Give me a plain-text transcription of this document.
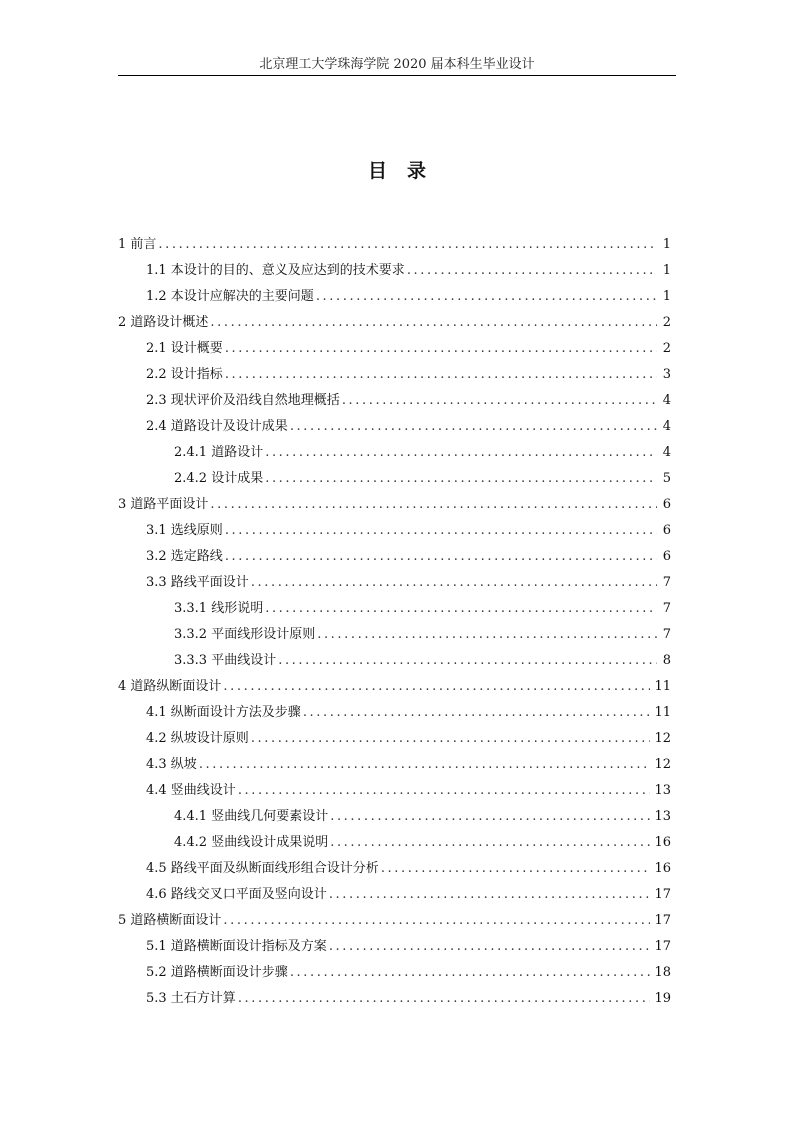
北京理工大学珠海学院 2020 届本科生毕业设计
目录
1 前言 .....	1
1.1 本设计的目的、意义及应达到的技术要求 .....	1
1.2 本设计应解决的主要问题 .....	1
2 道路设计概述 .....	2
2.1 设计概要 .....	2
2.2 设计指标 .....	3
2.3 现状评价及沿线自然地理概括 .....	4
2.4 道路设计及设计成果 .....	4
2.4.1 道路设计 .....	4
2.4.2 设计成果 .....	5
3 道路平面设计 .....	6
3.1 选线原则 .....	6
3.2 选定路线 .....	6
3.3 路线平面设计 .....	7
3.3.1 线形说明 .....	7
3.3.2 平面线形设计原则 .....	7
3.3.3 平曲线设计 .....	8
4 道路纵断面设计 .....	11
4.1 纵断面设计方法及步骤 .....	11
4.2 纵坡设计原则 .....	12
4.3 纵坡 .....	12
4.4 竖曲线设计 .....	13
4.4.1 竖曲线几何要素设计 .....	13
4.4.2 竖曲线设计成果说明 .....	16
4.5 路线平面及纵断面线形组合设计分析 .....	16
4.6 路线交叉口平面及竖向设计 .....	17
5 道路横断面设计 .....	17
5.1 道路横断面设计指标及方案 .....	17
5.2 道路横断面设计步骤 .....	18
5.3 土石方计算 .....	19
